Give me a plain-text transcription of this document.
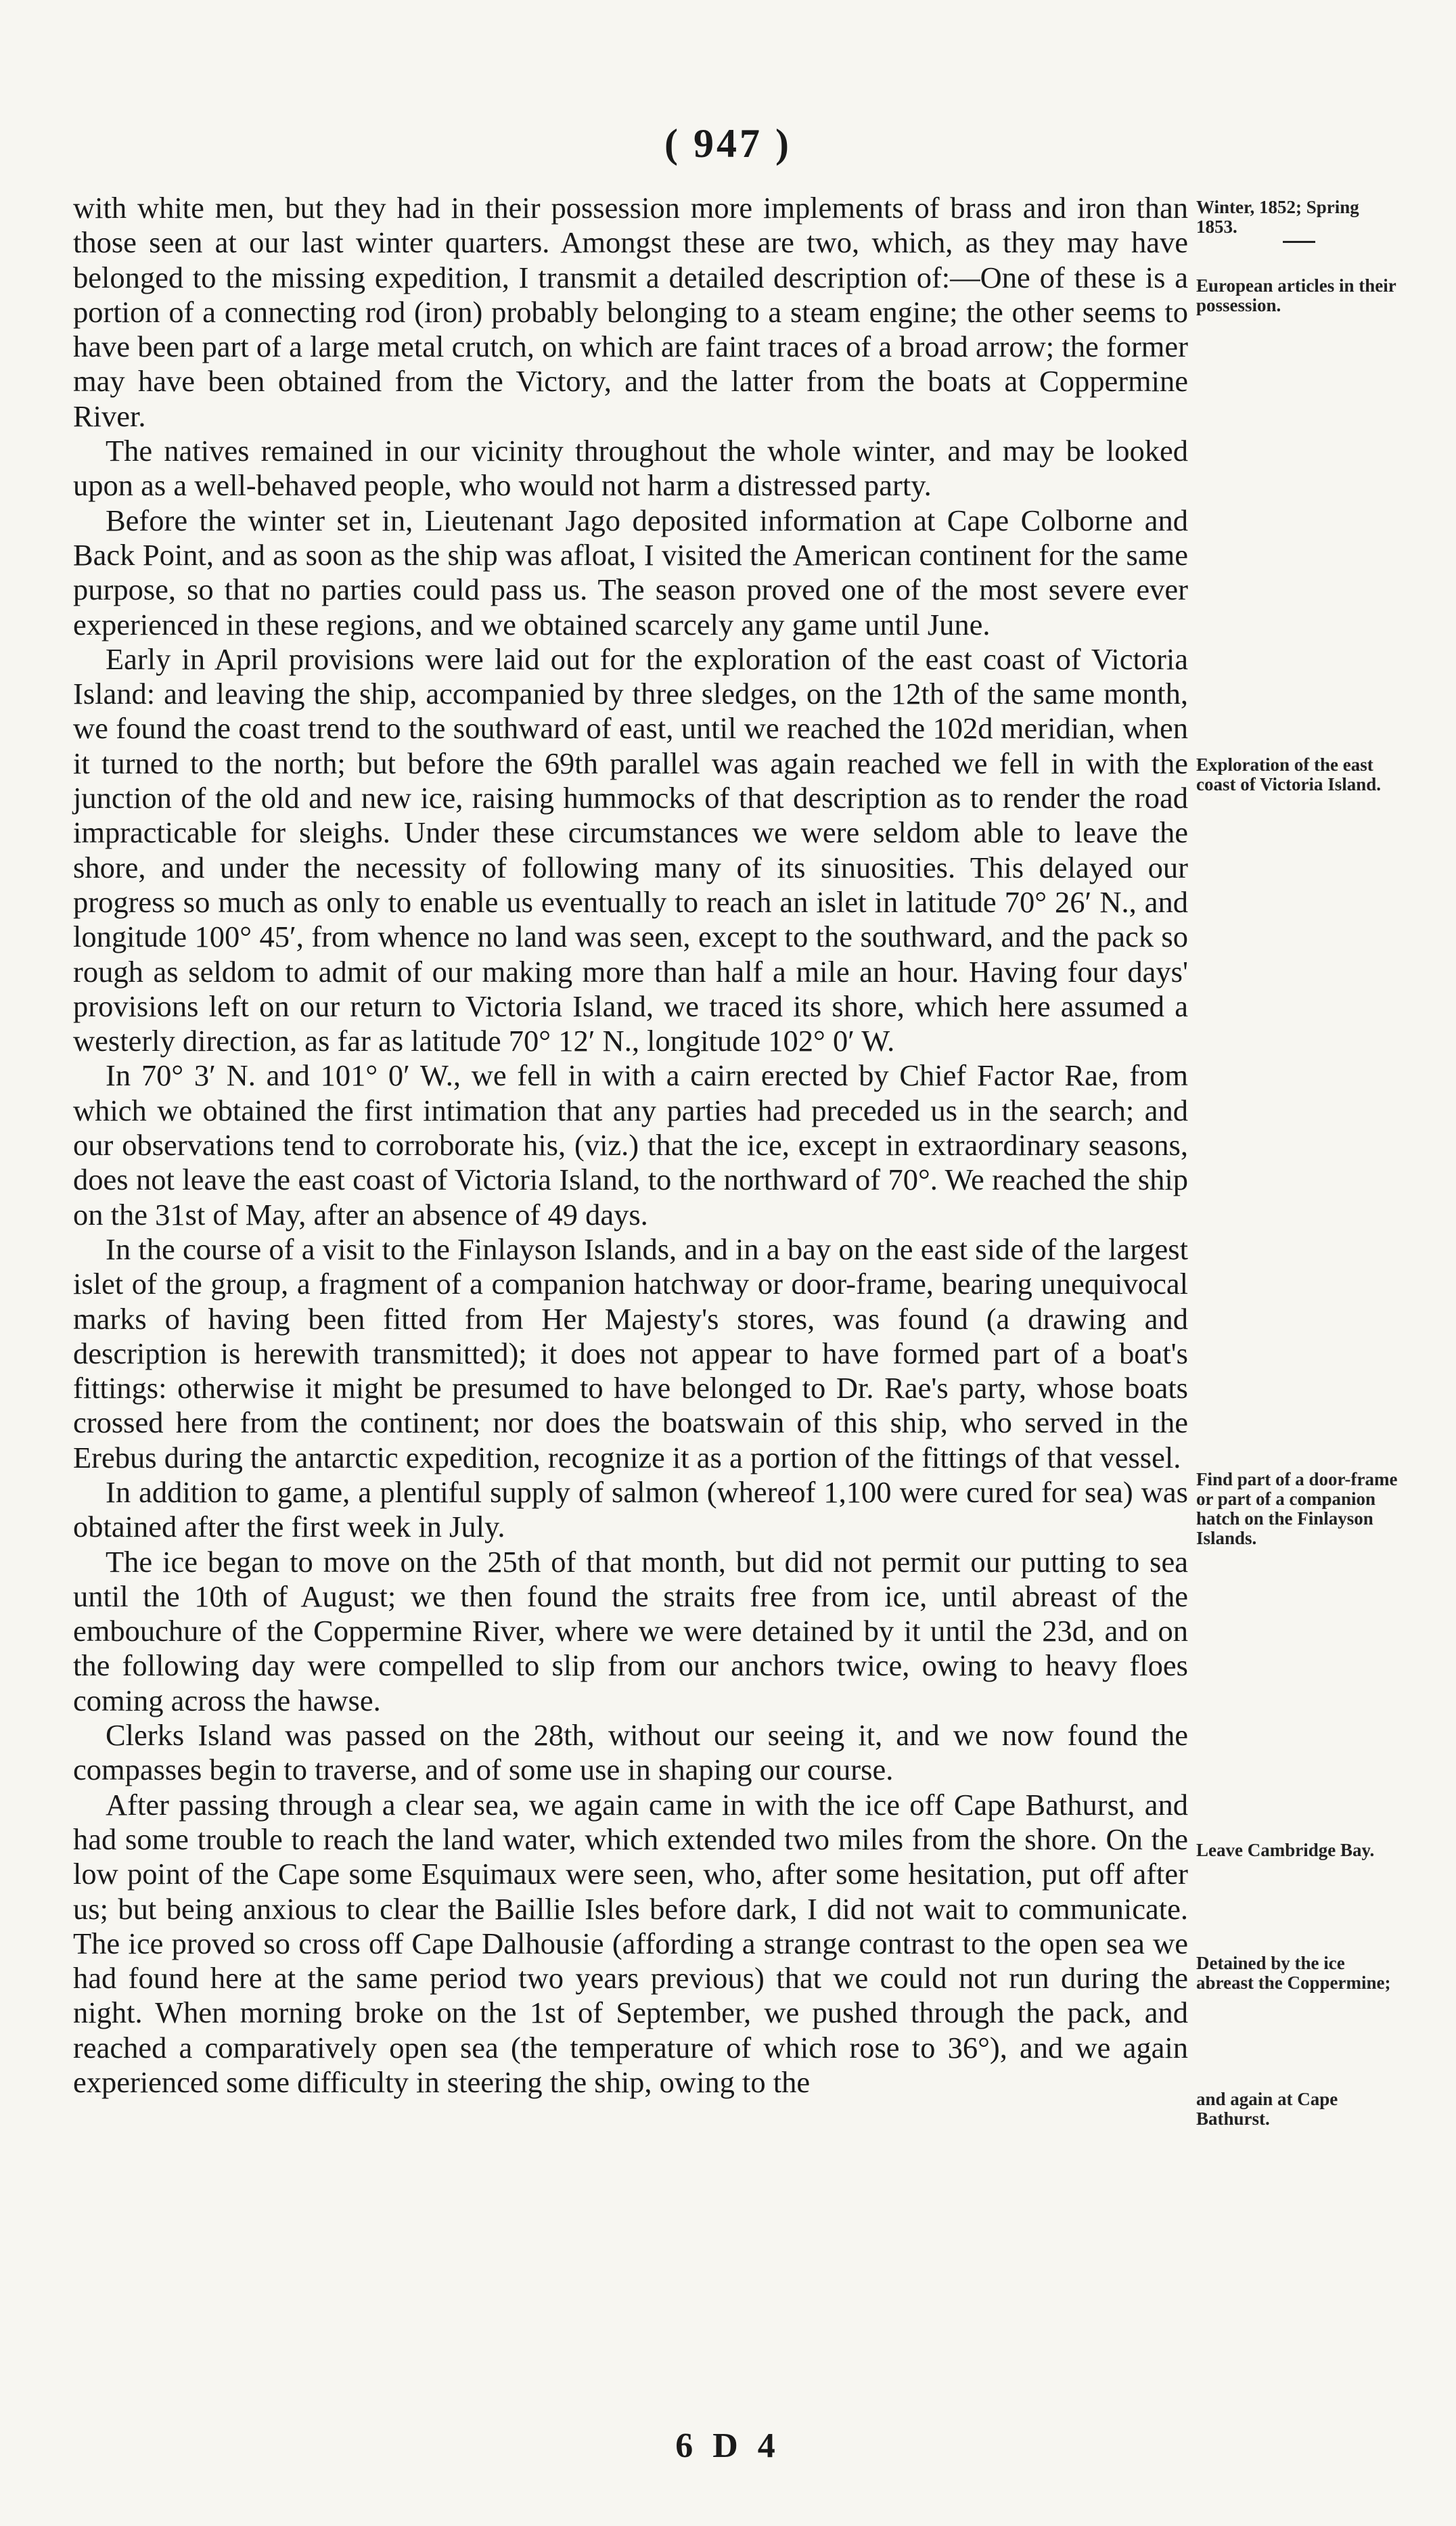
( 947 )

with white men, but they had in their possession more implements of brass and iron than those seen at our last winter quarters. Amongst these are two, which, as they may have belonged to the missing expedition, I transmit a detailed description of:—One of these is a portion of a connecting rod (iron) probably belonging to a steam engine; the other seems to have been part of a large metal crutch, on which are faint traces of a broad arrow; the former may have been obtained from the Victory, and the latter from the boats at Coppermine River.

The natives remained in our vicinity throughout the whole winter, and may be looked upon as a well-behaved people, who would not harm a distressed party.

Before the winter set in, Lieutenant Jago deposited information at Cape Colborne and Back Point, and as soon as the ship was afloat, I visited the American continent for the same purpose, so that no parties could pass us. The season proved one of the most severe ever experienced in these regions, and we obtained scarcely any game until June.

Early in April provisions were laid out for the exploration of the east coast of Victoria Island: and leaving the ship, accompanied by three sledges, on the 12th of the same month, we found the coast trend to the southward of east, until we reached the 102d meridian, when it turned to the north; but before the 69th parallel was again reached we fell in with the junction of the old and new ice, raising hummocks of that description as to render the road impracticable for sleighs. Under these circumstances we were seldom able to leave the shore, and under the necessity of following many of its sinuosities. This delayed our progress so much as only to enable us eventually to reach an islet in latitude 70° 26′ N., and longitude 100° 45′, from whence no land was seen, except to the southward, and the pack so rough as seldom to admit of our making more than half a mile an hour. Having four days' provisions left on our return to Victoria Island, we traced its shore, which here assumed a westerly direction, as far as latitude 70° 12′ N., longitude 102° 0′ W.

In 70° 3′ N. and 101° 0′ W., we fell in with a cairn erected by Chief Factor Rae, from which we obtained the first intimation that any parties had preceded us in the search; and our observations tend to corroborate his, (viz.) that the ice, except in extraordinary seasons, does not leave the east coast of Victoria Island, to the northward of 70°. We reached the ship on the 31st of May, after an absence of 49 days.

In the course of a visit to the Finlayson Islands, and in a bay on the east side of the largest islet of the group, a fragment of a companion hatchway or door-frame, bearing unequivocal marks of having been fitted from Her Majesty's stores, was found (a drawing and description is herewith transmitted); it does not appear to have formed part of a boat's fittings: otherwise it might be presumed to have belonged to Dr. Rae's party, whose boats crossed here from the continent; nor does the boatswain of this ship, who served in the Erebus during the antarctic expedition, recognize it as a portion of the fittings of that vessel.

In addition to game, a plentiful supply of salmon (whereof 1,100 were cured for sea) was obtained after the first week in July.

The ice began to move on the 25th of that month, but did not permit our putting to sea until the 10th of August; we then found the straits free from ice, until abreast of the embouchure of the Coppermine River, where we were detained by it until the 23d, and on the following day were compelled to slip from our anchors twice, owing to heavy floes coming across the hawse.

Clerks Island was passed on the 28th, without our seeing it, and we now found the compasses begin to traverse, and of some use in shaping our course.

After passing through a clear sea, we again came in with the ice off Cape Bathurst, and had some trouble to reach the land water, which extended two miles from the shore. On the low point of the Cape some Esquimaux were seen, who, after some hesitation, put off after us; but being anxious to clear the Baillie Isles before dark, I did not wait to communicate. The ice proved so cross off Cape Dalhousie (affording a strange contrast to the open sea we had found here at the same period two years previous) that we could not run during the night. When morning broke on the 1st of September, we pushed through the pack, and reached a comparatively open sea (the temperature of which rose to 36°), and we again experienced some difficulty in steering the ship, owing to the

Winter, 1852; Spring 1853.
European articles in their possession.
Exploration of the east coast of Victoria Island.
Find part of a door-frame or part of a companion hatch on the Finlayson Islands.
Leave Cambridge Bay.
Detained by the ice abreast the Coppermine;
and again at Cape Bathurst.
6 D 4
